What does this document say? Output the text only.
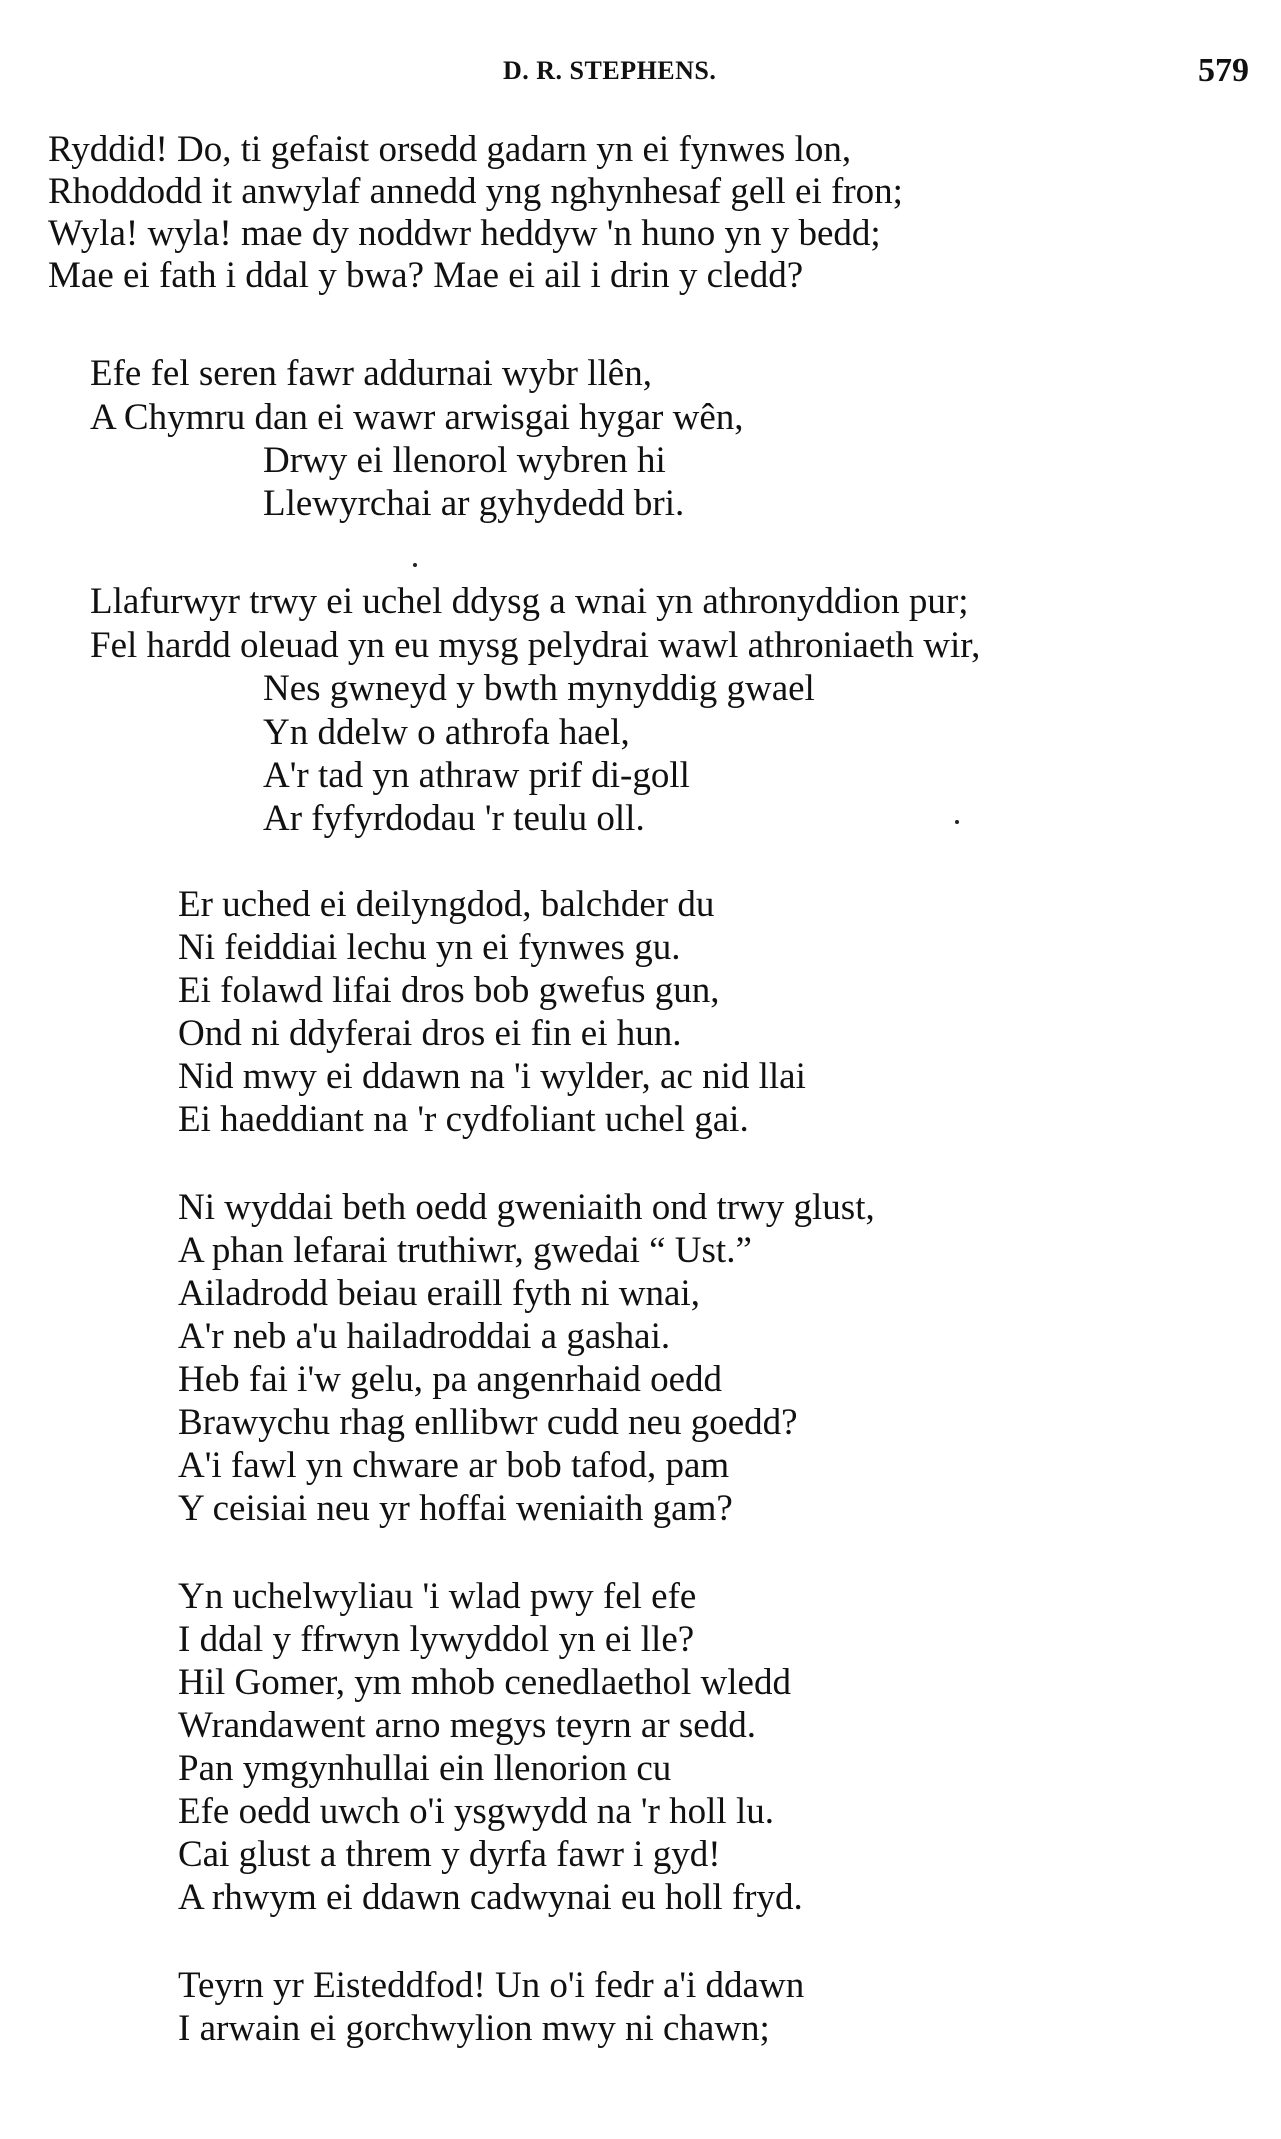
D. R. STEPHENS.	579
Ryddid! Do, ti gefaist orsedd gadarn yn ei fynwes lon,
Rhoddodd it anwylaf annedd yng nghynhesaf gell ei fron;
Wyla! wyla! mae dy noddwr heddyw 'n huno yn y bedd;
Mae ei fath i ddal y bwa? Mae ei ail i drin y cledd?
Efe fel seren fawr addurnai wybr llên,
A Chymru dan ei wawr arwisgai hygar wên,
Drwy ei llenorol wybren hi
Llewyrchai ar gyhydedd bri.
Llafurwyr trwy ei uchel ddysg a wnai yn athronyddion pur;
Fel hardd oleuad yn eu mysg pelydrai wawl athroniaeth wir,
Nes gwneyd y bwth mynyddig gwael
Yn ddelw o athrofa hael,
A'r tad yn athraw prif di-goll
Ar fyfyrdodau 'r teulu oll.
Er uched ei deilyngdod, balchder du
Ni feiddiai lechu yn ei fynwes gu.
Ei folawd lifai dros bob gwefus gun,
Ond ni ddyferai dros ei fin ei hun.
Nid mwy ei ddawn na 'i wylder, ac nid llai
Ei haeddiant na 'r cydfoliant uchel gai.
Ni wyddai beth oedd gweniaith ond trwy glust,
A phan lefarai truthiwr, gwedai “ Ust.”
Ailadrodd beiau eraill fyth ni wnai,
A'r neb a'u hailadroddai a gashai.
Heb fai i'w gelu, pa angenrhaid oedd
Brawychu rhag enllibwr cudd neu goedd?
A'i fawl yn chware ar bob tafod, pam
Y ceisiai neu yr hoffai weniaith gam?
Yn uchelwyliau 'i wlad pwy fel efe
I ddal y ffrwyn lywyddol yn ei lle?
Hil Gomer, ym mhob cenedlaethol wledd
Wrandawent arno megys teyrn ar sedd.
Pan ymgynhullai ein llenorion cu
Efe oedd uwch o'i ysgwydd na 'r holl lu.
Cai glust a threm y dyrfa fawr i gyd!
A rhwym ei ddawn cadwynai eu holl fryd.
Teyrn yr Eisteddfod! Un o'i fedr a'i ddawn
I arwain ei gorchwylion mwy ni chawn;
